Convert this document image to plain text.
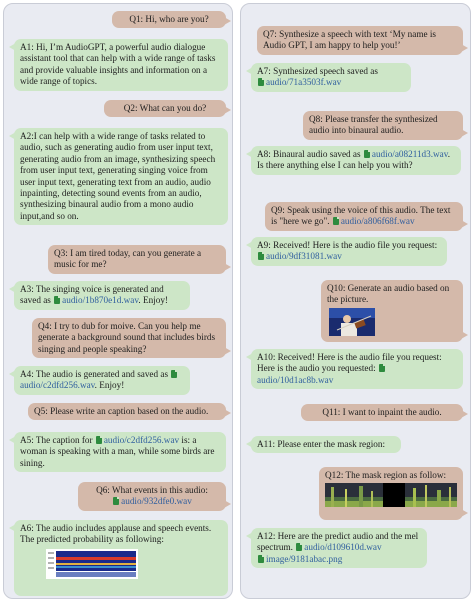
Q1: Hi, who are you?
A1: Hi, I’m AudioGPT, a powerful audio dialogue assistant tool that can help with a wide range of tasks and provide valuable insights and information on a wide range of topics.
Q2: What can you do?
A2:I can help with a wide range of tasks related to audio, such as generating audio from user input text, generating audio from an image, synthesizing speech from user input text, generating singing voice from user input text, generating text from an audio, audio inpainting, detecting sound events from an audio, synthesizing binaural audio from a mono audio input,and so on.
Q3: I am tired today, can you generate a music for me?
A3: The singing voice is generated and saved as audio/1b870e1d.wav. Enjoy!
Q4: I try to dub for moive. Can you help me generate a background sound that includes birds singing and people speaking?
A4: The audio is generated and saved as audio/c2dfd256.wav. Enjoy!
Q5: Please write an caption based on the audio.
A5: The caption for audio/c2dfd256.wav is: a woman is speaking with a man, while some birds are sining.
Q6: What events in this audio:
audio/932dfe0.wav
A6: The audio includes applause and speech events. The predicted probability as following:
Q7: Synthesize a speech with text ‘My name is Audio GPT, I am happy to help you!’
A7: Synthesized speech saved as
audio/71a3503f.wav
Q8: Please transfer the synthesized audio into binaural audio.
A8: Binaural audio saved as audio/a08211d3.wav. Is there anything else I can help you with?
Q9: Speak using the voice of this audio. The text is "here we go". audio/a806f68f.wav
A9: Received! Here is the audio file you request: audio/9df31081.wav
Q10: Generate an audio based on the picture.
A10: Received! Here is the audio file you request: Here is the audio you requested: audio/10d1ac8b.wav
Q11: I want to inpaint the audio.
A11: Please enter the mask region:
Q12: The mask region as follow:
A12: Here are the predict audio and the mel spectrum. audio/d109610d.wav
image/9181abac.png
